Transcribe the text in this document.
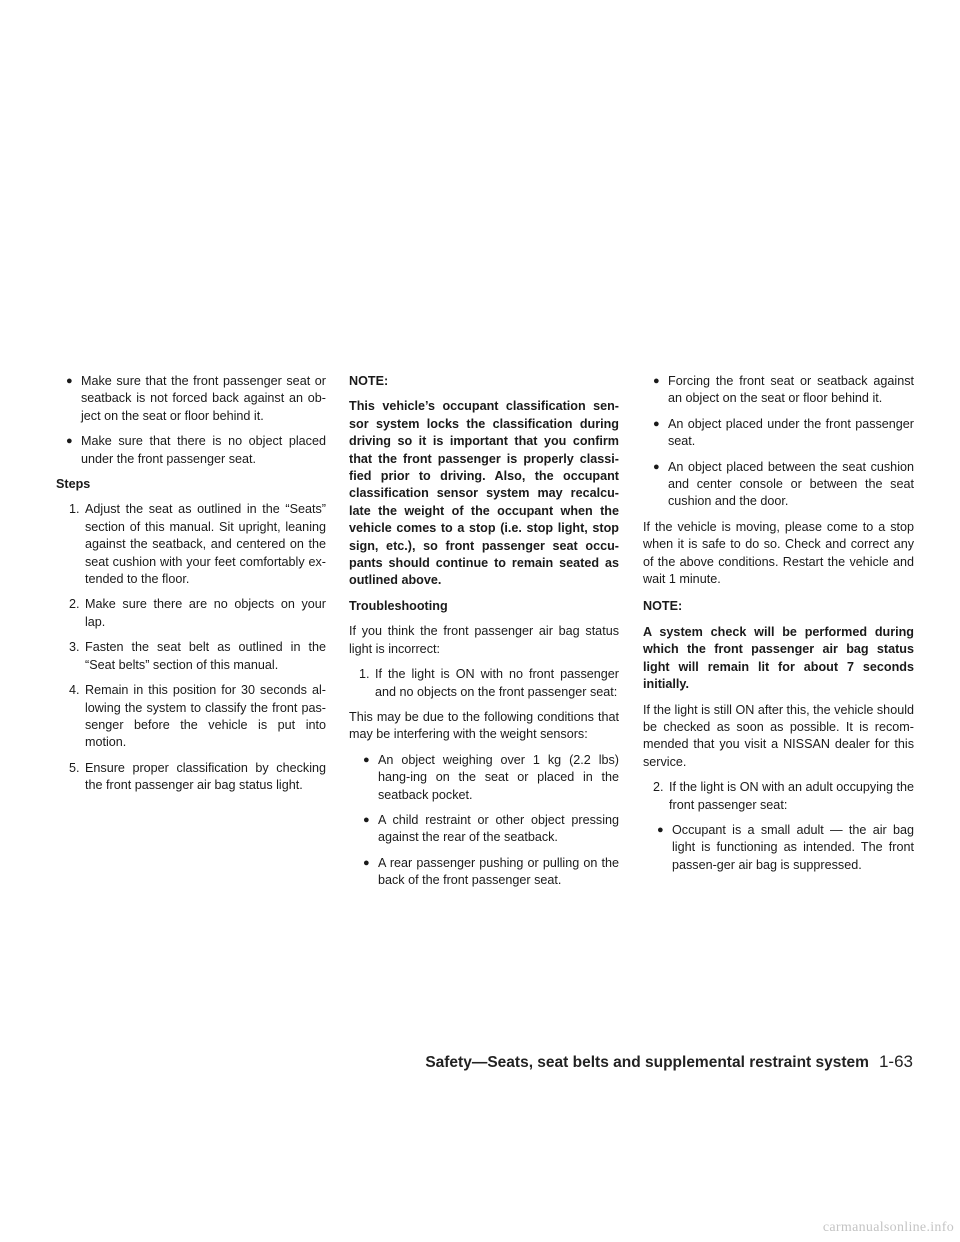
● Make sure that the front passenger seat or seatback is not forced back against an ob-ject on the seat or floor behind it.
● Make sure that there is no object placed under the front passenger seat.
Steps
1. Adjust the seat as outlined in the “Seats” section of this manual. Sit upright, leaning against the seatback, and centered on the seat cushion with your feet comfortably ex-tended to the floor.
2. Make sure there are no objects on your lap.
3. Fasten the seat belt as outlined in the “Seat belts” section of this manual.
4. Remain in this position for 30 seconds al-lowing the system to classify the front pas-senger before the vehicle is put into motion.
5. Ensure proper classification by checking the front passenger air bag status light.
NOTE:
This vehicle’s occupant classification sen-sor system locks the classification during driving so it is important that you confirm that the front passenger is properly classi-fied prior to driving. Also, the occupant classification sensor system may recalcu-late the weight of the occupant when the vehicle comes to a stop (i.e. stop light, stop sign, etc.), so front passenger seat occu-pants should continue to remain seated as outlined above.
Troubleshooting

If you think the front passenger air bag status light is incorrect:

1. If the light is ON with no front passenger and no objects on the front passenger seat:

This may be due to the following conditions that may be interfering with the weight sensors:

● An object weighing over 1 kg (2.2 lbs) hang-ing on the seat or placed in the seatback pocket.
● A child restraint or other object pressing against the rear of the seatback.
● A rear passenger pushing or pulling on the back of the front passenger seat.
● Forcing the front seat or seatback against an object on the seat or floor behind it.
● An object placed under the front passenger seat.
● An object placed between the seat cushion and center console or between the seat cushion and the door.

If the vehicle is moving, please come to a stop when it is safe to do so. Check and correct any of the above conditions. Restart the vehicle and wait 1 minute.

NOTE:
A system check will be performed during which the front passenger air bag status light will remain lit for about 7 seconds initially.

If the light is still ON after this, the vehicle should be checked as soon as possible. It is recom-mended that you visit a NISSAN dealer for this service.

2. If the light is ON with an adult occupying the front passenger seat:
● Occupant is a small adult — the air bag light is functioning as intended. The front passen-ger air bag is suppressed.
Safety—Seats, seat belts and supplemental restraint system 1-63
carmanualsonline.info
